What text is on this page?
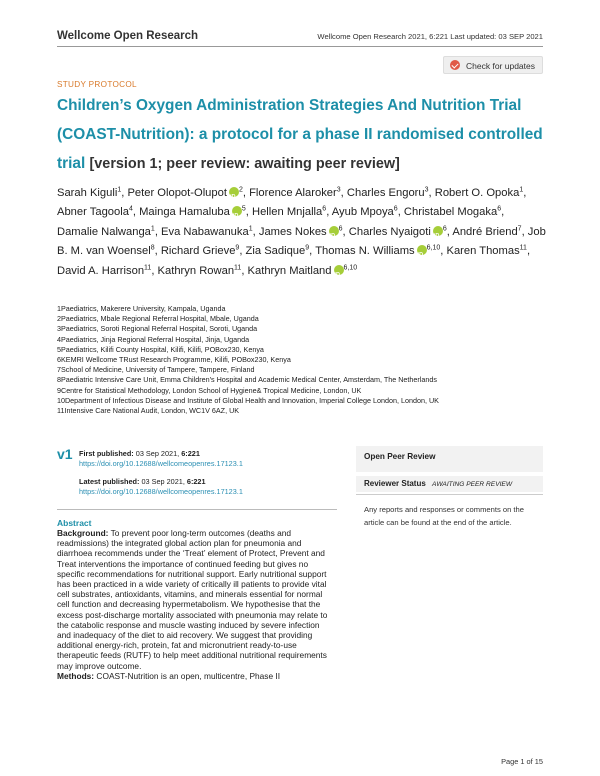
Wellcome Open Research	Wellcome Open Research 2021, 6:221 Last updated: 03 SEP 2021
STUDY PROTOCOL
Check for updates
Children’s Oxygen Administration Strategies And Nutrition Trial (COAST-Nutrition): a protocol for a phase II randomised controlled trial [version 1; peer review: awaiting peer review]
Sarah Kiguli$^1$, Peter Olopot-Olupot iD $^2$, Florence Alaroker$^3$, Charles Engoru$^3$, Robert O. Opoka$^1$, Abner Tagoola$^4$, Mainga Hamaluba iD $^5$, Hellen Mnjalla$^6$, Ayub Mpoya$^6$, Christabel Mogaka$^6$, Damalie Nalwanga$^1$, Eva Nabawanuka$^1$, James Nokes iD $^6$, Charles Nyaigoti iD $^6$, André Briend$^7$, Job B. M. van Woensel$^8$, Richard Grieve$^9$, Zia Sadique$^9$, Thomas N. Williams iD $^{6,10}$, Karen Thomas$^{11}$, David A. Harrison$^{11}$, Kathryn Rowan$^{11}$, Kathryn Maitland iD $^{6,10}$
1Paediatrics, Makerere University, Kampala, Uganda
2Paediatrics, Mbale Regional Referral Hospital, Mbale, Uganda
3Paediatrics, Soroti Regional Referral Hospital, Soroti, Uganda
4Paediatrics, Jinja Regional Referral Hospital, Jinja, Uganda
5Paediatrics, Kilifi County Hospital, Kilifi, Kilifi, POBox230, Kenya
6KEMRI Wellcome TRust Research Programme, Kilifi, POBox230, Kenya
7School of Medicine, University of Tampere, Tampere, Finland
8Paediatric Intensive Care Unit, Emma Children's Hospital and Academic Medical Center, Amsterdam, The Netherlands
9Centre for Statistical Methodology, London School of Hygiene& Tropical Medicine, London, UK
10Department of Infectious Disease and Institute of Global Health and Innovation, Imperial College London, London, UK
11Intensive Care National Audit, London, WC1V 6AZ, UK
v1 First published: 03 Sep 2021, 6:221
https://doi.org/10.12688/wellcomeopenres.17123.1
Latest published: 03 Sep 2021, 6:221
https://doi.org/10.12688/wellcomeopenres.17123.1
Abstract
Background: To prevent poor long-term outcomes (deaths and readmissions) the integrated global action plan for pneumonia and diarrhoea recommends under the ‘Treat’ element of Protect, Prevent and Treat interventions the importance of continued feeding but gives no specific recommendations for nutritional support. Early nutritional support has been practiced in a wide variety of critically ill patients to provide vital cell substrates, antioxidants, vitamins, and minerals essential for normal cell function and decreasing hypermetabolism. We hypothesise that the excess post-discharge mortality associated with pneumonia may relate to the catabolic response and muscle wasting induced by severe infection and inadequacy of the diet to aid recovery. We suggest that providing additional energy-rich, protein, fat and micronutrient ready-to-use therapeutic feeds (RUTF) to help meet additional nutritional requirements may improve outcome.
Methods: COAST-Nutrition is an open, multicentre, Phase II
Open Peer Review
Reviewer Status AWAITING PEER REVIEW
Any reports and responses or comments on the article can be found at the end of the article.
Page 1 of 15
